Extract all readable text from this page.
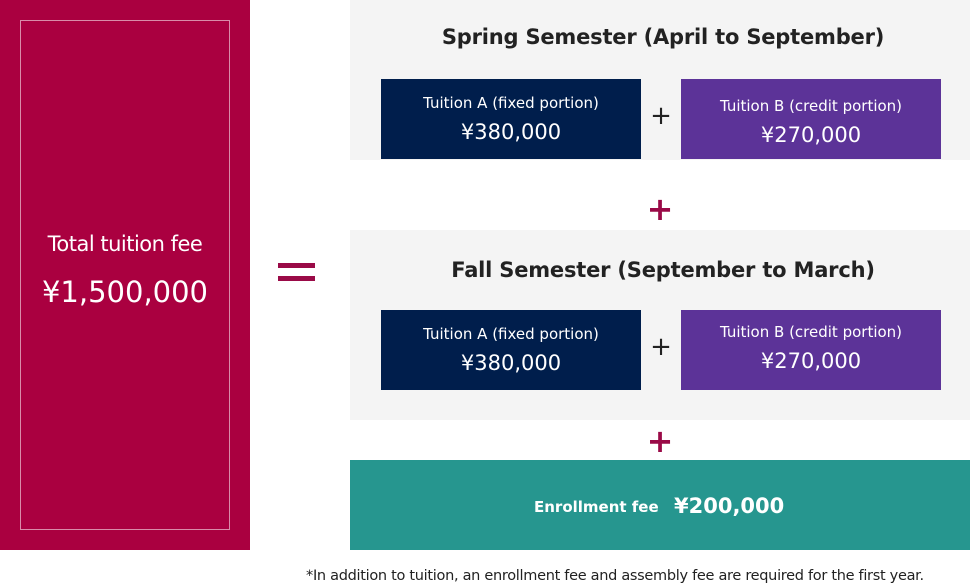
Total tuition fee
¥1,500,000
Spring Semester (April to September)
Tuition A (fixed portion)
¥380,000
+	Tuition B (credit portion)
¥270,000
+
Fall Semester (September to March)
Tuition A (fixed portion)
¥380,000
+	Tuition B (credit portion)
¥270,000
+
Enrollment fee ¥200,000
*In addition to tuition, an enrollment fee and assembly fee are required for the first year.
